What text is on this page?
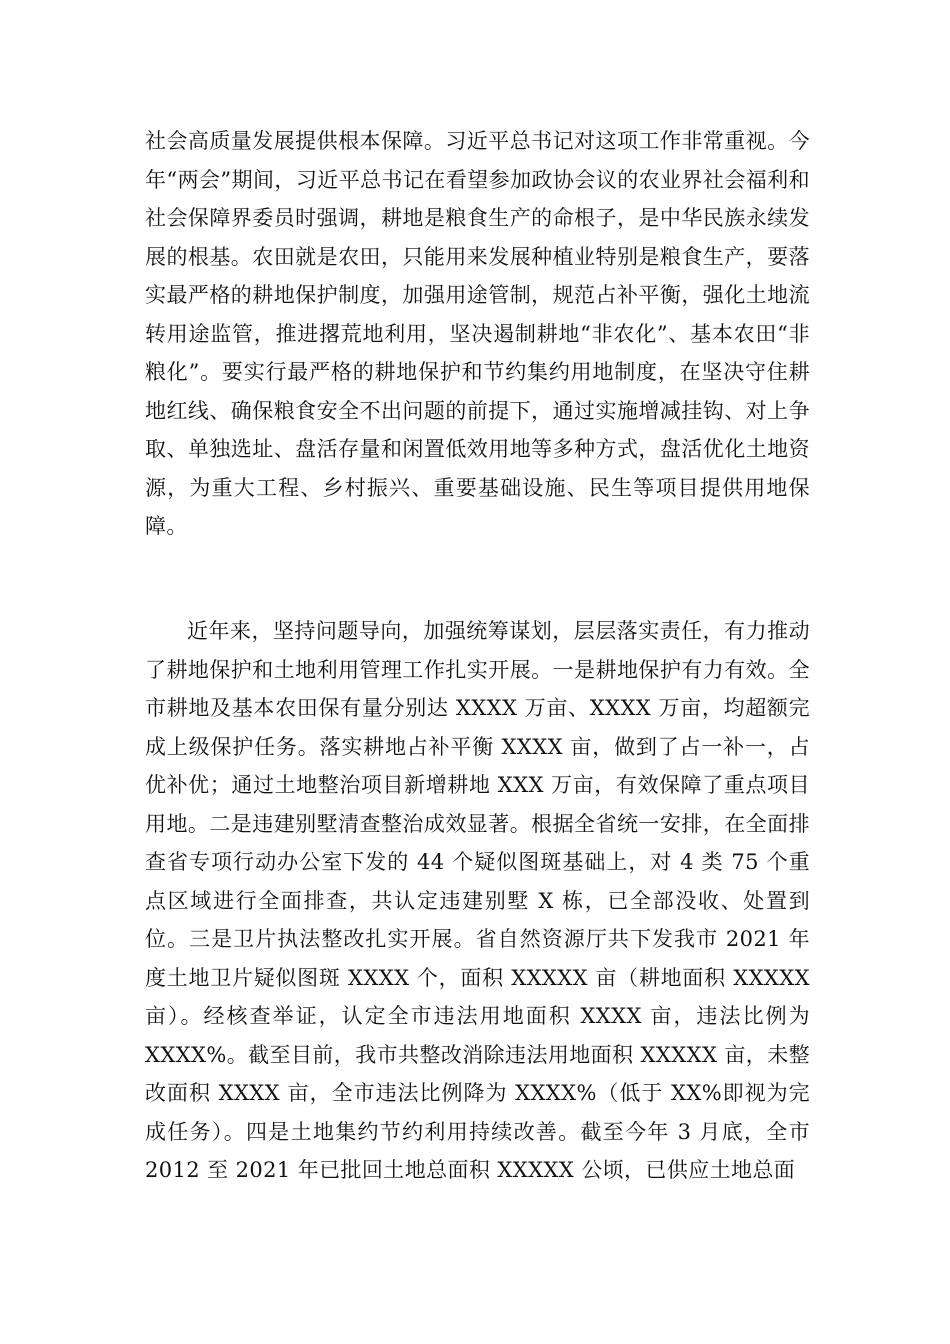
社会高质量发展提供根本保障。习近平总书记对这项工作非常重视。今年“两会”期间，习近平总书记在看望参加政协会议的农业界社会福利和社会保障界委员时强调，耕地是粮食生产的命根子，是中华民族永续发展的根基。农田就是农田，只能用来发展种植业特别是粮食生产，要落实最严格的耕地保护制度，加强用途管制，规范占补平衡，强化土地流转用途监管，推进撂荒地利用，坚决遏制耕地“非农化”、基本农田“非粮化”。要实行最严格的耕地保护和节约集约用地制度，在坚决守住耕地红线、确保粮食安全不出问题的前提下，通过实施增减挂钩、对上争取、单独选址、盘活存量和闲置低效用地等多种方式，盘活优化土地资源，为重大工程、乡村振兴、重要基础设施、民生等项目提供用地保障。

近年来，坚持问题导向，加强统筹谋划，层层落实责任，有力推动了耕地保护和土地利用管理工作扎实开展。一是耕地保护有力有效。全市耕地及基本农田保有量分别达 XXXX 万亩、XXXX 万亩，均超额完成上级保护任务。落实耕地占补平衡 XXXX 亩，做到了占一补一，占优补优；通过土地整治项目新增耕地 XXX 万亩，有效保障了重点项目用地。二是违建别墅清查整治成效显著。根据全省统一安排，在全面排查省专项行动办公室下发的 44 个疑似图斑基础上，对 4 类 75 个重点区域进行全面排查，共认定违建别墅 X 栋，已全部没收、处置到位。三是卫片执法整改扎实开展。省自然资源厅共下发我市 2021 年度土地卫片疑似图斑 XXXX 个，面积 XXXXX 亩（耕地面积 XXXXX 亩）。经核查举证，认定全市违法用地面积 XXXX 亩，违法比例为 XXXX%。截至目前，我市共整改消除违法用地面积 XXXXX 亩，未整改面积 XXXX 亩，全市违法比例降为 XXXX%（低于 XX%即视为完成任务）。四是土地集约节约利用持续改善。截至今年 3 月底，全市 2012 至 2021 年已批回土地总面积 XXXXX 公顷，已供应土地总面
